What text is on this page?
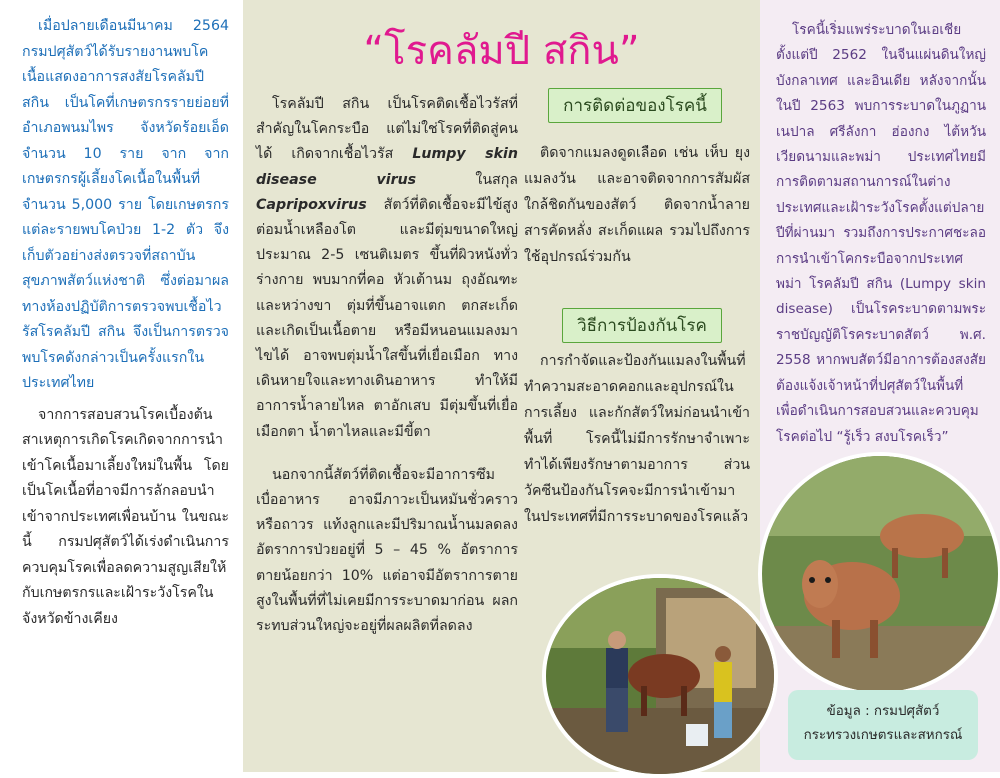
เมื่อปลายเดือนมีนาคม 2564 กรมปศุสัตว์ได้รับรายงานพบโคเนื้อแสดงอาการสงสัยโรคลัมปี สกิน เป็นโคที่เกษตรกรรายย่อยที่อำเภอพนมไพร จังหวัดร้อยเอ็ด จำนวน 10 ราย จาก จากเกษตรกรผู้เลี้ยงโคเนื้อในพื้นที่จำนวน 5,000 ราย โดยเกษตรกรแต่ละรายพบโคป่วย 1-2 ตัว จึงเก็บตัวอย่างส่งตรวจที่สถาบันสุขภาพสัตว์แห่งชาติ ซึ่งต่อมาผลทางห้องปฏิบัติการตรวจพบเชื้อไวรัสโรคลัมปี สกิน จึงเป็นการตรวจพบโรคดังกล่าวเป็นครั้งแรกในประเทศไทย

จากการสอบสวนโรคเบื้องต้น สาเหตุการเกิดโรคเกิดจากการนำเข้าโคเนื้อมาเลี้ยงใหม่ในพื้น โดยเป็นโคเนื้อที่อาจมีการลักลอบนำเข้าจากประเทศเพื่อนบ้าน ในขณะนี้ กรมปศุสัตว์ได้เร่งดำเนินการควบคุมโรคเพื่อลดความสูญเสียให้กับเกษตรกรและเฝ้าระวังโรคในจังหวัดข้างเคียง

“โรคลัมปี สกิน”

โรคลัมปี สกิน เป็นโรคติดเชื้อไวรัสที่สำคัญในโคกระบือ แต่ไม่ใช่โรคที่ติดสู่คน ได้ เกิดจากเชื้อไวรัส Lumpy skin disease virus ในสกุล Capripoxvirus สัตว์ที่ติดเชื้อจะมีไข้สูง ต่อมน้ำเหลืองโต และมีตุ่มขนาดใหญ่ ประมาณ 2-5 เซนติเมตร ขึ้นที่ผิวหนังทั่วร่างกาย พบมากที่คอ หัวเต้านม ถุงอัณฑะและหว่างขา ตุ่มที่ขึ้นอาจแตก ตกสะเก็ดและเกิดเป็นเนื้อตาย หรือมีหนอนแมลงมาไขได้ อาจพบตุ่มน้ำใสขึ้นที่เยื่อเมือก ทางเดินหายใจและทางเดินอาหาร ทำให้มีอาการน้ำลายไหล ตาอักเสบ มีตุ่มขึ้นที่เยื่อเมือกตา น้ำตาไหลและมีขี้ตา

นอกจากนี้สัตว์ที่ติดเชื้อจะมีอาการซึม เบื่ออาหาร อาจมีภาวะเป็นหมันชั่วคราวหรือถาวร แท้งลูกและมีปริมาณน้ำนมลดลง อัตราการป่วยอยู่ที่ 5 – 45 % อัตราการตายน้อยกว่า 10% แต่อาจมีอัตราการตายสูงในพื้นที่ที่ไม่เคยมีการระบาดมาก่อน ผลกระทบส่วนใหญ่จะอยู่ที่ผลผลิตที่ลดลง

การติดต่อของโรคนี้

ติดจากแมลงดูดเลือด เช่น เห็บ ยุง แมลงวัน และอาจติดจากการสัมผัสใกล้ชิดกันของสัตว์ ติดจากน้ำลาย สารคัดหลั่ง สะเก็ดแผล รวมไปถึงการใช้อุปกรณ์ร่วมกัน

วิธีการป้องกันโรค

การกำจัดและป้องกันแมลงในพื้นที่ ทำความสะอาดคอกและอุปกรณ์ในการเลี้ยง และกักสัตว์ใหม่ก่อนนำเข้าพื้นที่ โรคนี้ไม่มีการรักษาจำเพาะ ทำได้เพียงรักษาตามอาการ ส่วนวัคซีนป้องกันโรคจะมีการนำเข้ามาในประเทศที่มีการระบาดของโรคแล้ว

โรคนี้เริ่มแพร่ระบาดในเอเชียตั้งแต่ปี 2562 ในจีนแผ่นดินใหญ่ บังกลาเทศ และอินเดีย หลังจากนั้นในปี 2563 พบการระบาดในภูฏาน เนปาล ศรีลังกา ฮ่องกง ไต้หวัน เวียดนามและพม่า ประเทศไทยมีการติดตามสถานการณ์ในต่างประเทศและเฝ้าระวังโรคตั้งแต่ปลายปีที่ผ่านมา รวมถึงการประกาศชะลอการนำเข้าโคกระบือจากประเทศพม่า โรคลัมปี สกิน (Lumpy skin disease) เป็นโรคระบาดตามพระราชบัญญัติโรคระบาดสัตว์ พ.ศ. 2558 หากพบสัตว์มีอาการต้องสงสัย ต้องแจ้งเจ้าหน้าที่ปศุสัตว์ในพื้นที่ เพื่อดำเนินการสอบสวนและควบคุมโรคต่อไป “รู้เร็ว สงบโรคเร็ว”

ข้อมูล : กรมปศุสัตว์
กระทรวงเกษตรและสหกรณ์
